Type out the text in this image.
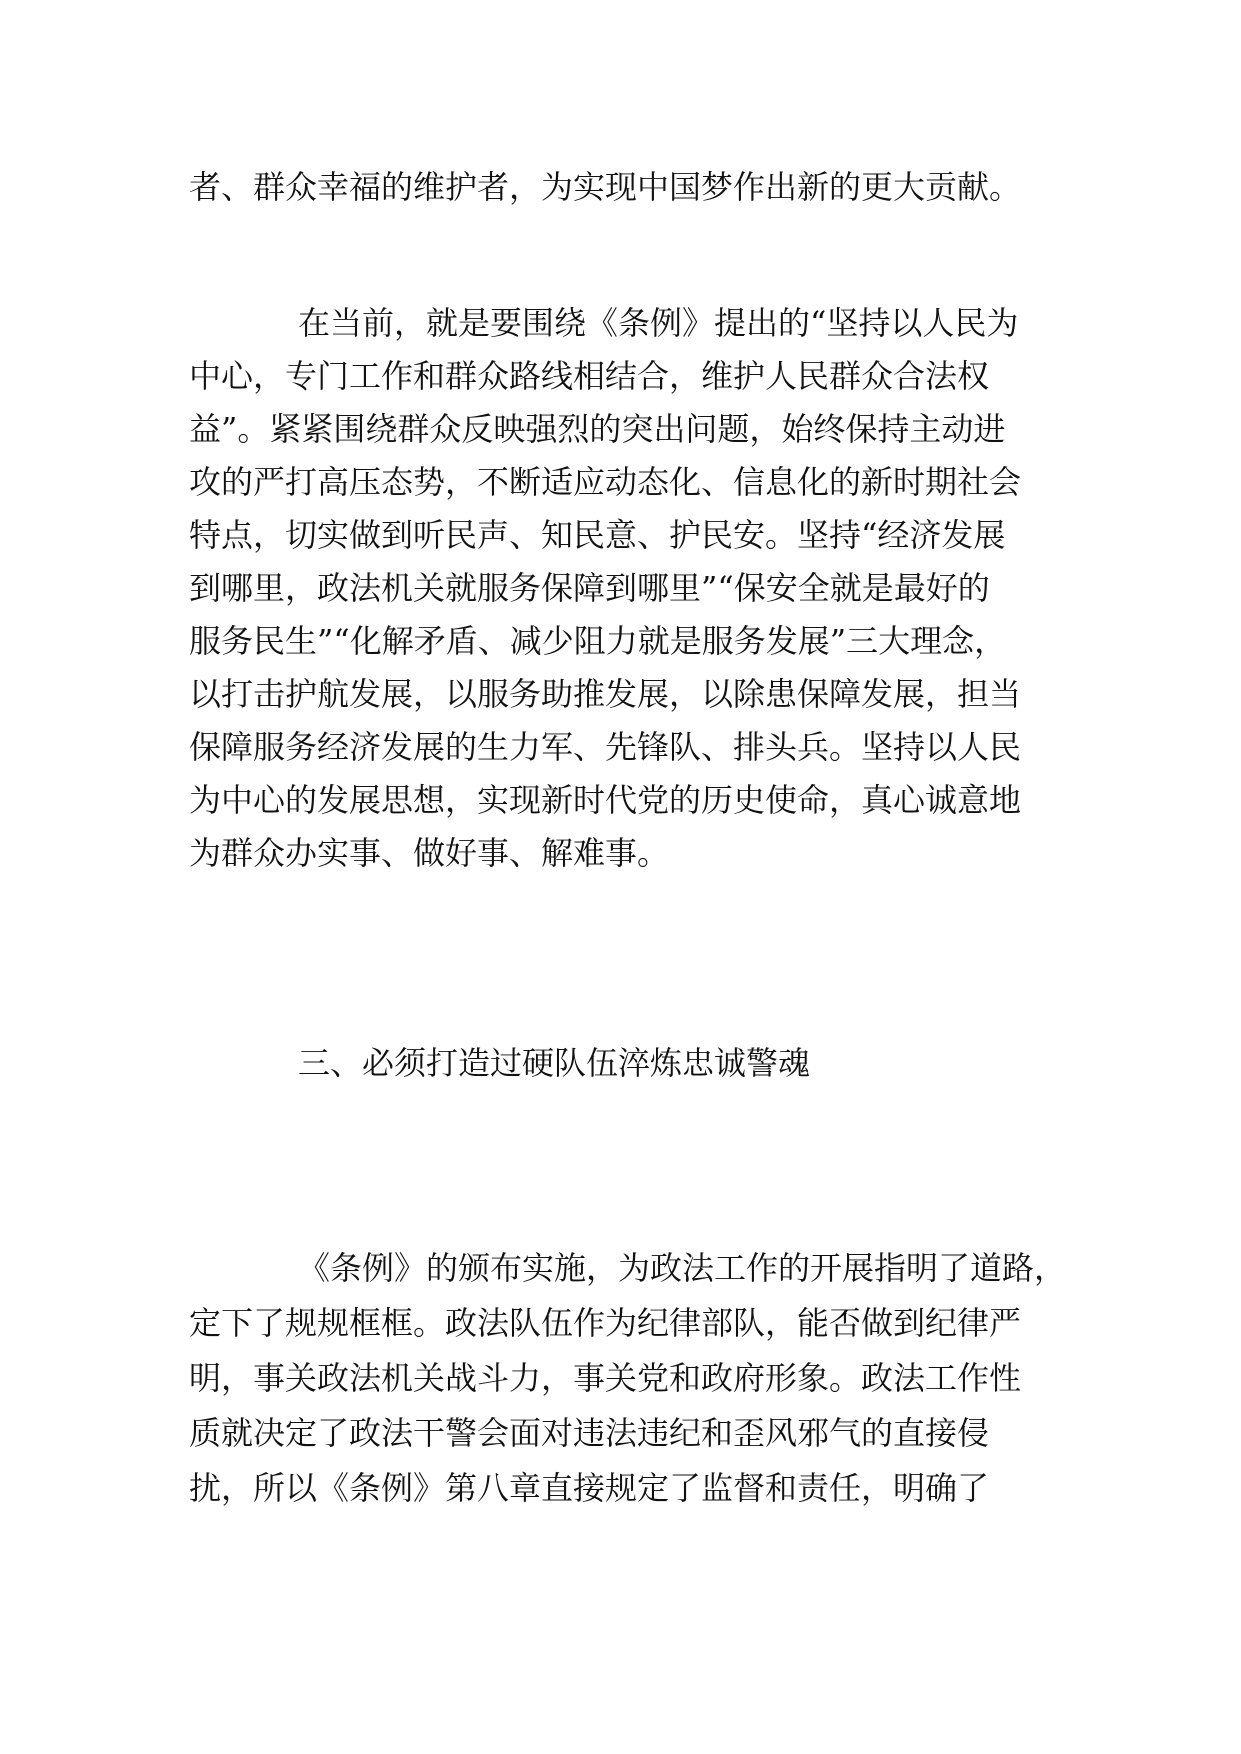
者、群众幸福的维护者，为实现中国梦作出新的更大贡献。
在当前，就是要围绕《条例》提出的“坚持以人民为
中心，专门工作和群众路线相结合，维护人民群众合法权
益”。紧紧围绕群众反映强烈的突出问题，始终保持主动进
攻的严打高压态势，不断适应动态化、信息化的新时期社会
特点，切实做到听民声、知民意、护民安。坚持“经济发展
到哪里，政法机关就服务保障到哪里”“保安全就是最好的
服务民生”“化解矛盾、减少阻力就是服务发展”三大理念，
以打击护航发展，以服务助推发展，以除患保障发展，担当
保障服务经济发展的生力军、先锋队、排头兵。坚持以人民
为中心的发展思想，实现新时代党的历史使命，真心诚意地
为群众办实事、做好事、解难事。
三、必须打造过硬队伍淬炼忠诚警魂
《条例》的颁布实施，为政法工作的开展指明了道路，
定下了规规框框。政法队伍作为纪律部队，能否做到纪律严
明，事关政法机关战斗力，事关党和政府形象。政法工作性
质就决定了政法干警会面对违法违纪和歪风邪气的直接侵
扰，所以《条例》第八章直接规定了监督和责任，明确了
